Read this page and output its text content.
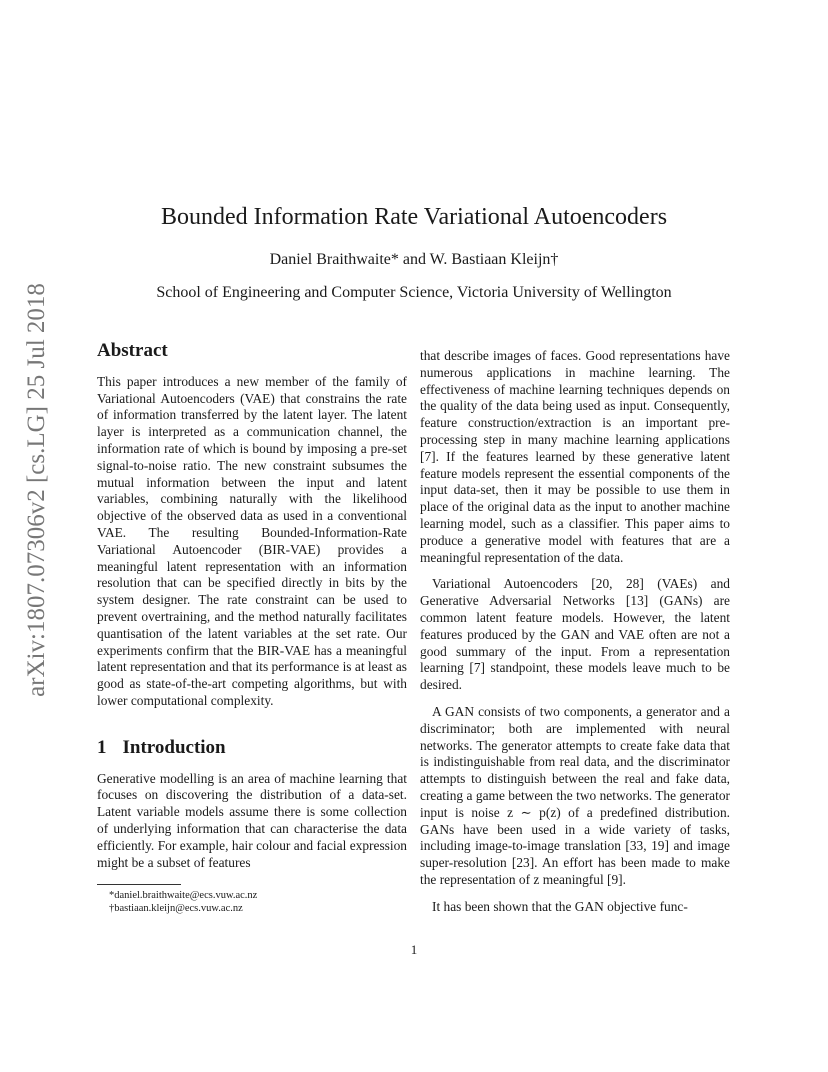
arXiv:1807.07306v2 [cs.LG] 25 Jul 2018
Bounded Information Rate Variational Autoencoders
Daniel Braithwaite* and W. Bastiaan Kleijn†
School of Engineering and Computer Science, Victoria University of Wellington
Abstract

This paper introduces a new member of the family of Variational Autoencoders (VAE) that constrains the rate of information transferred by the latent layer. The latent layer is interpreted as a communication channel, the information rate of which is bound by imposing a pre-set signal-to-noise ratio. The new constraint subsumes the mutual information between the input and latent variables, combining naturally with the likelihood objective of the observed data as used in a conventional VAE. The resulting Bounded-Information-Rate Variational Autoencoder (BIR-VAE) provides a meaningful latent representation with an information resolution that can be specified directly in bits by the system designer. The rate constraint can be used to prevent overtraining, and the method naturally facilitates quantisation of the latent variables at the set rate. Our experiments confirm that the BIR-VAE has a meaningful latent representation and that its performance is at least as good as state-of-the-art competing algorithms, but with lower computational complexity.

1 Introduction

Generative modelling is an area of machine learning that focuses on discovering the distribution of a data-set. Latent variable models assume there is some collection of underlying information that can characterise the data efficiently. For example, hair colour and facial expression might be a subset of features

that describe images of faces. Good representations have numerous applications in machine learning. The effectiveness of machine learning techniques depends on the quality of the data being used as input. Consequently, feature construction/extraction is an important pre-processing step in many machine learning applications [7]. If the features learned by these generative latent feature models represent the essential components of the input data-set, then it may be possible to use them in place of the original data as the input to another machine learning model, such as a classifier. This paper aims to produce a generative model with features that are a meaningful representation of the data.

Variational Autoencoders [20, 28] (VAEs) and Generative Adversarial Networks [13] (GANs) are common latent feature models. However, the latent features produced by the GAN and VAE often are not a good summary of the input. From a representation learning [7] standpoint, these models leave much to be desired.

A GAN consists of two components, a generator and a discriminator; both are implemented with neural networks. The generator attempts to create fake data that is indistinguishable from real data, and the discriminator attempts to distinguish between the real and fake data, creating a game between the two networks. The generator input is noise z ∼ p(z) of a predefined distribution. GANs have been used in a wide variety of tasks, including image-to-image translation [33, 19] and image super-resolution [23]. An effort has been made to make the representation of z meaningful [9].

It has been shown that the GAN objective func-

*daniel.braithwaite@ecs.vuw.ac.nz
†bastiaan.kleijn@ecs.vuw.ac.nz
1
